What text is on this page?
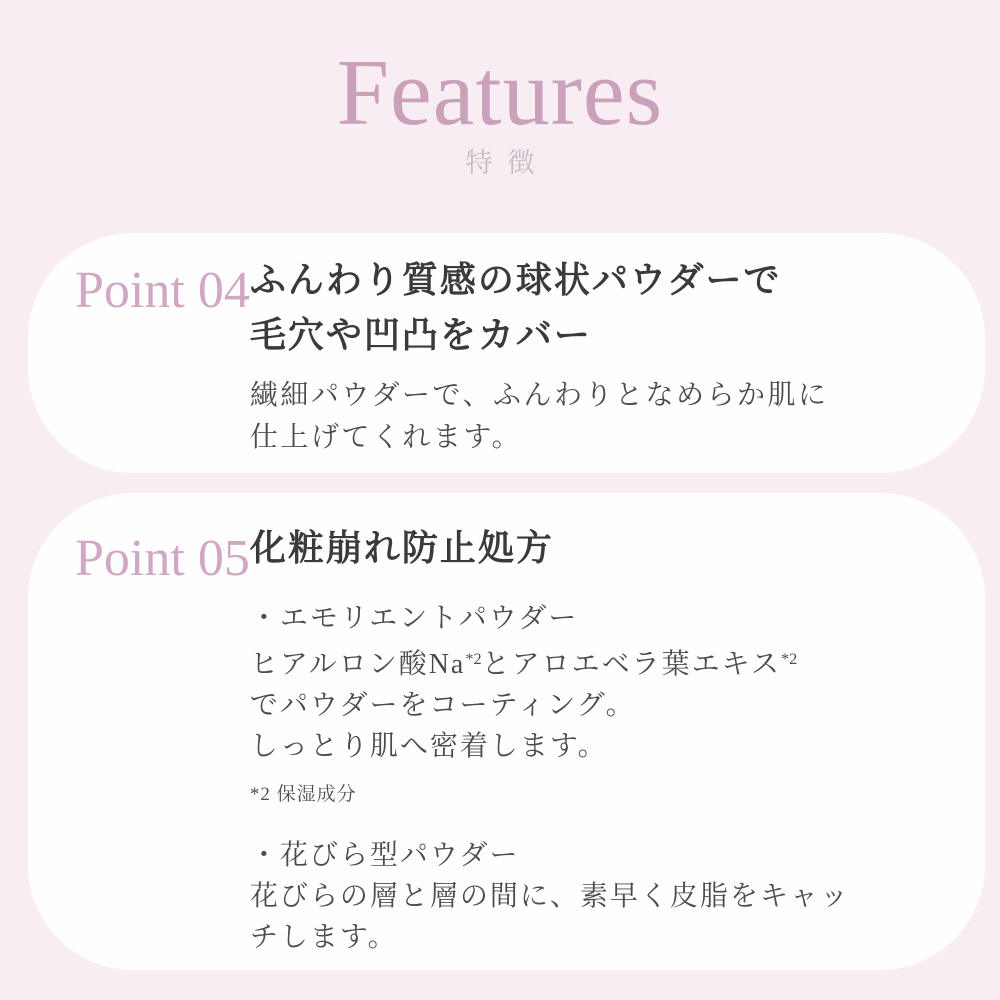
Features
特徴
Point 04 ふんわり質感の球状パウダーで
毛穴や凹凸をカバー
繊細パウダーで、ふんわりとなめらか肌に
仕上げてくれます。
Point 05 化粧崩れ防止処方
・エモリエントパウダー
ヒアルロン酸Na$^{*2}$とアロエベラ葉エキス$^{*2}$
でパウダーをコーティング。
しっとり肌へ密着します。
*2 保湿成分
・花びら型パウダー
花びらの層と層の間に、素早く皮脂をキャッ
チします。
